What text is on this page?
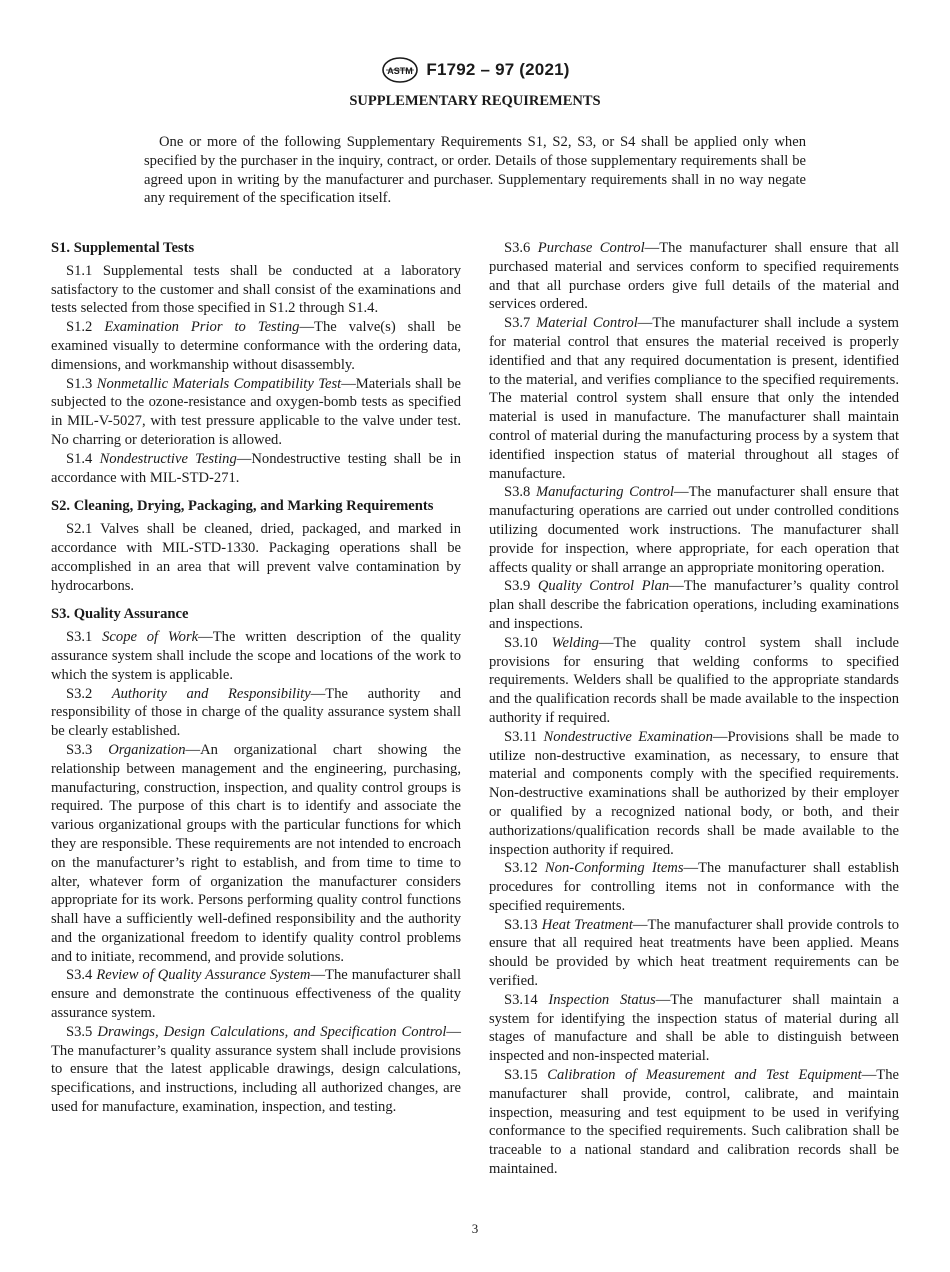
ASTM F1792 – 97 (2021)
SUPPLEMENTARY REQUIREMENTS

One or more of the following Supplementary Requirements S1, S2, S3, or S4 shall be applied only when specified by the purchaser in the inquiry, contract, or order. Details of those supplementary requirements shall be agreed upon in writing by the manufacturer and purchaser. Supplementary requirements shall in no way negate any requirement of the specification itself.

S1. Supplemental Tests

S1.1 Supplemental tests shall be conducted at a laboratory satisfactory to the customer and shall consist of the examinations and tests selected from those specified in S1.2 through S1.4.

S1.2 Examination Prior to Testing—The valve(s) shall be examined visually to determine conformance with the ordering data, dimensions, and workmanship without disassembly.

S1.3 Nonmetallic Materials Compatibility Test—Materials shall be subjected to the ozone-resistance and oxygen-bomb tests as specified in MIL-V-5027, with test pressure applicable to the valve under test. No charring or deterioration is allowed.

S1.4 Nondestructive Testing—Nondestructive testing shall be in accordance with MIL-STD-271.

S2. Cleaning, Drying, Packaging, and Marking Requirements

S2.1 Valves shall be cleaned, dried, packaged, and marked in accordance with MIL-STD-1330. Packaging operations shall be accomplished in an area that will prevent valve contamination by hydrocarbons.

S3. Quality Assurance

S3.1 Scope of Work—The written description of the quality assurance system shall include the scope and locations of the work to which the system is applicable.

S3.2 Authority and Responsibility—The authority and responsibility of those in charge of the quality assurance system shall be clearly established.

S3.3 Organization—An organizational chart showing the relationship between management and the engineering, purchasing, manufacturing, construction, inspection, and quality control groups is required. The purpose of this chart is to identify and associate the various organizational groups with the particular functions for which they are responsible. These requirements are not intended to encroach on the manufacturer’s right to establish, and from time to time to alter, whatever form of organization the manufacturer considers appropriate for its work. Persons performing quality control functions shall have a sufficiently well-defined responsibility and the authority and the organizational freedom to identify quality control problems and to initiate, recommend, and provide solutions.

S3.4 Review of Quality Assurance System—The manufacturer shall ensure and demonstrate the continuous effectiveness of the quality assurance system.

S3.5 Drawings, Design Calculations, and Specification Control—The manufacturer’s quality assurance system shall include provisions to ensure that the latest applicable drawings, design calculations, specifications, and instructions, including all authorized changes, are used for manufacture, examination, inspection, and testing.

S3.6 Purchase Control—The manufacturer shall ensure that all purchased material and services conform to specified requirements and that all purchase orders give full details of the material and services ordered.

S3.7 Material Control—The manufacturer shall include a system for material control that ensures the material received is properly identified and that any required documentation is present, identified to the material, and verifies compliance to the specified requirements. The material control system shall ensure that only the intended material is used in manufacture. The manufacturer shall maintain control of material during the manufacturing process by a system that identified inspection status of material throughout all stages of manufacture.

S3.8 Manufacturing Control—The manufacturer shall ensure that manufacturing operations are carried out under controlled conditions utilizing documented work instructions. The manufacturer shall provide for inspection, where appropriate, for each operation that affects quality or shall arrange an appropriate monitoring operation.

S3.9 Quality Control Plan—The manufacturer’s quality control plan shall describe the fabrication operations, including examinations and inspections.

S3.10 Welding—The quality control system shall include provisions for ensuring that welding conforms to specified requirements. Welders shall be qualified to the appropriate standards and the qualification records shall be made available to the inspection authority if required.

S3.11 Nondestructive Examination—Provisions shall be made to utilize non-destructive examination, as necessary, to ensure that material and components comply with the specified requirements. Non-destructive examinations shall be authorized by their employer or qualified by a recognized national body, or both, and their authorizations/qualification records shall be made available to the inspection authority if required.

S3.12 Non-Conforming Items—The manufacturer shall establish procedures for controlling items not in conformance with the specified requirements.

S3.13 Heat Treatment—The manufacturer shall provide controls to ensure that all required heat treatments have been applied. Means should be provided by which heat treatment requirements can be verified.

S3.14 Inspection Status—The manufacturer shall maintain a system for identifying the inspection status of material during all stages of manufacture and shall be able to distinguish between inspected and non-inspected material.

S3.15 Calibration of Measurement and Test Equipment—The manufacturer shall provide, control, calibrate, and maintain inspection, measuring and test equipment to be used in verifying conformance to the specified requirements. Such calibration shall be traceable to a national standard and calibration records shall be maintained.

3
